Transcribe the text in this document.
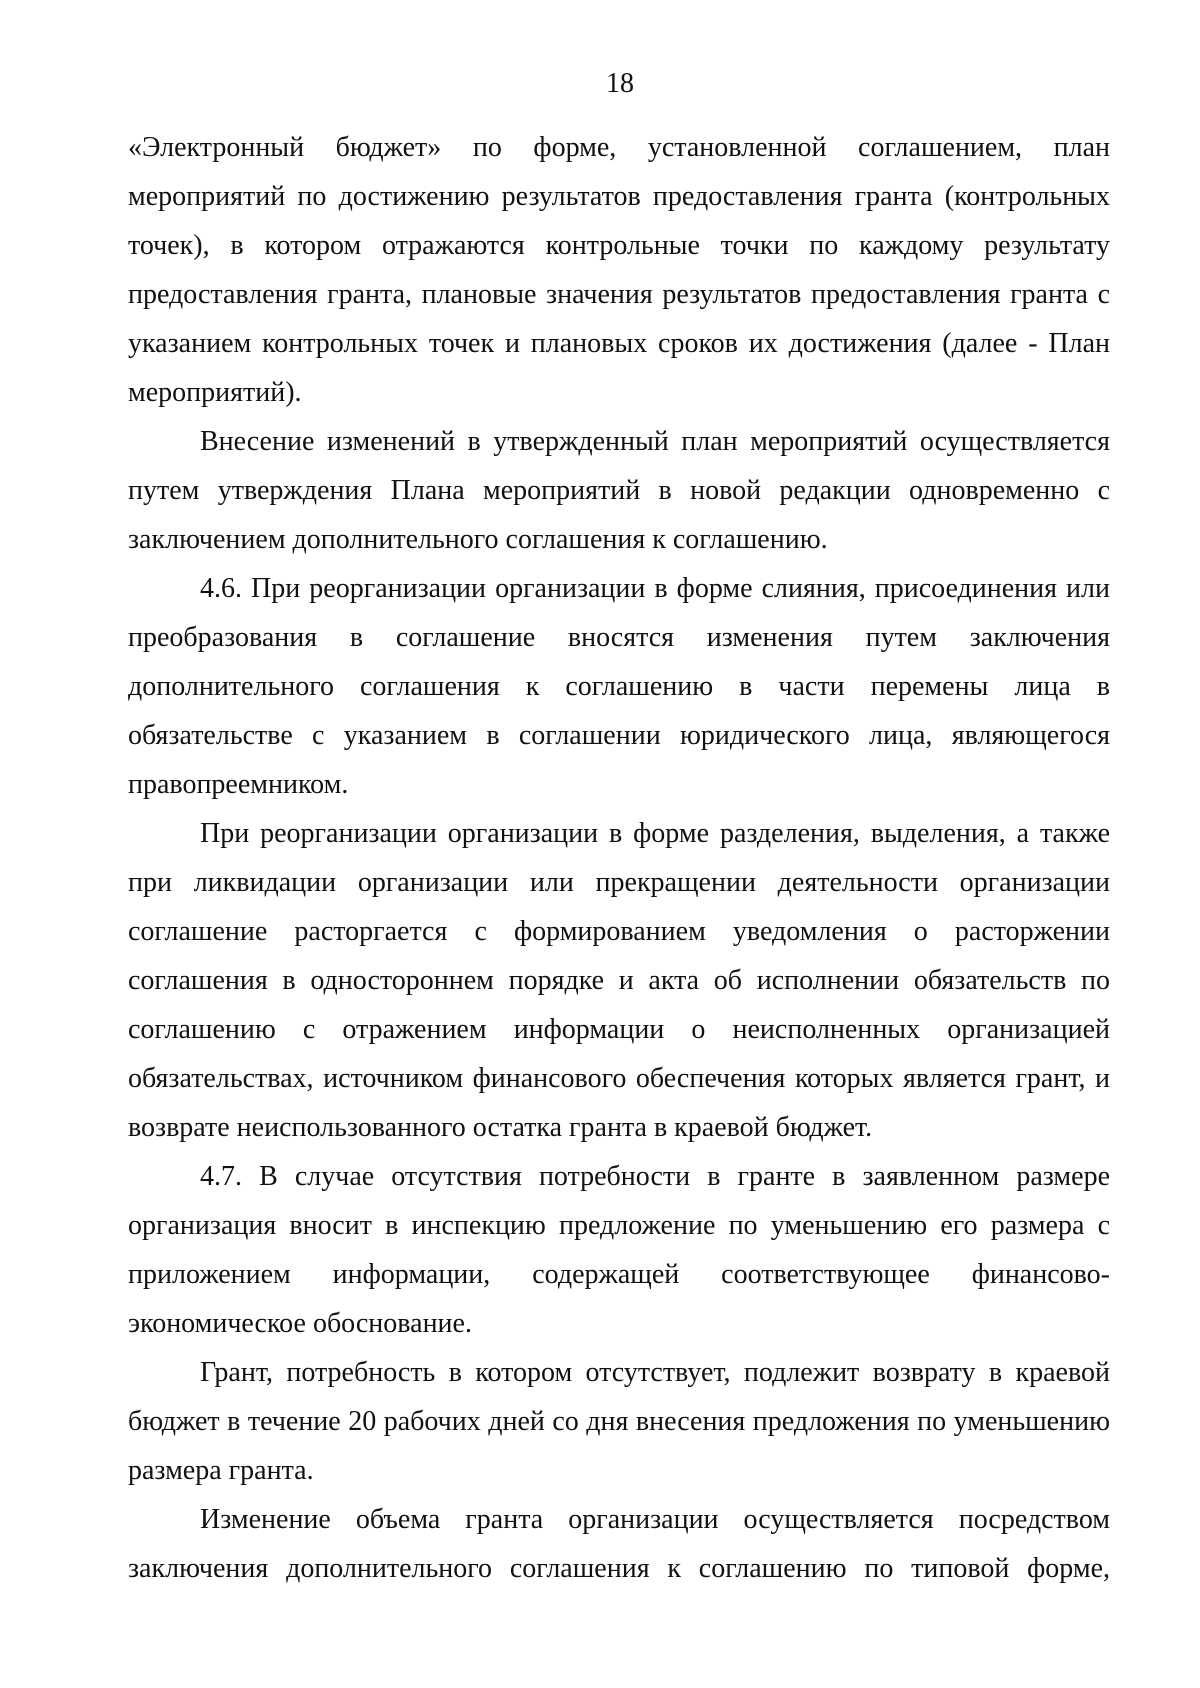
18

«Электронный бюджет» по форме, установленной соглашением, план мероприятий по достижению результатов предоставления гранта (контрольных точек), в котором отражаются контрольные точки по каждому результату предоставления гранта, плановые значения результатов предоставления гранта с указанием контрольных точек и плановых сроков их достижения (далее - План мероприятий).

Внесение изменений в утвержденный план мероприятий осуществляется путем утверждения Плана мероприятий в новой редакции одновременно с заключением дополнительного соглашения к соглашению.

4.6. При реорганизации организации в форме слияния, присоединения или преобразования в соглашение вносятся изменения путем заключения дополнительного соглашения к соглашению в части перемены лица в обязательстве с указанием в соглашении юридического лица, являющегося правопреемником.

При реорганизации организации в форме разделения, выделения, а также при ликвидации организации или прекращении деятельности организации соглашение расторгается с формированием уведомления о расторжении соглашения в одностороннем порядке и акта об исполнении обязательств по соглашению с отражением информации о неисполненных организацией обязательствах, источником финансового обеспечения которых является грант, и возврате неиспользованного остатка гранта в краевой бюджет.

4.7. В случае отсутствия потребности в гранте в заявленном размере организация вносит в инспекцию предложение по уменьшению его размера с приложением информации, содержащей соответствующее финансово-экономическое обоснование.

Грант, потребность в котором отсутствует, подлежит возврату в краевой бюджет в течение 20 рабочих дней со дня внесения предложения по уменьшению размера гранта.

Изменение объема гранта организации осуществляется посредством заключения дополнительного соглашения к соглашению по типовой форме,
